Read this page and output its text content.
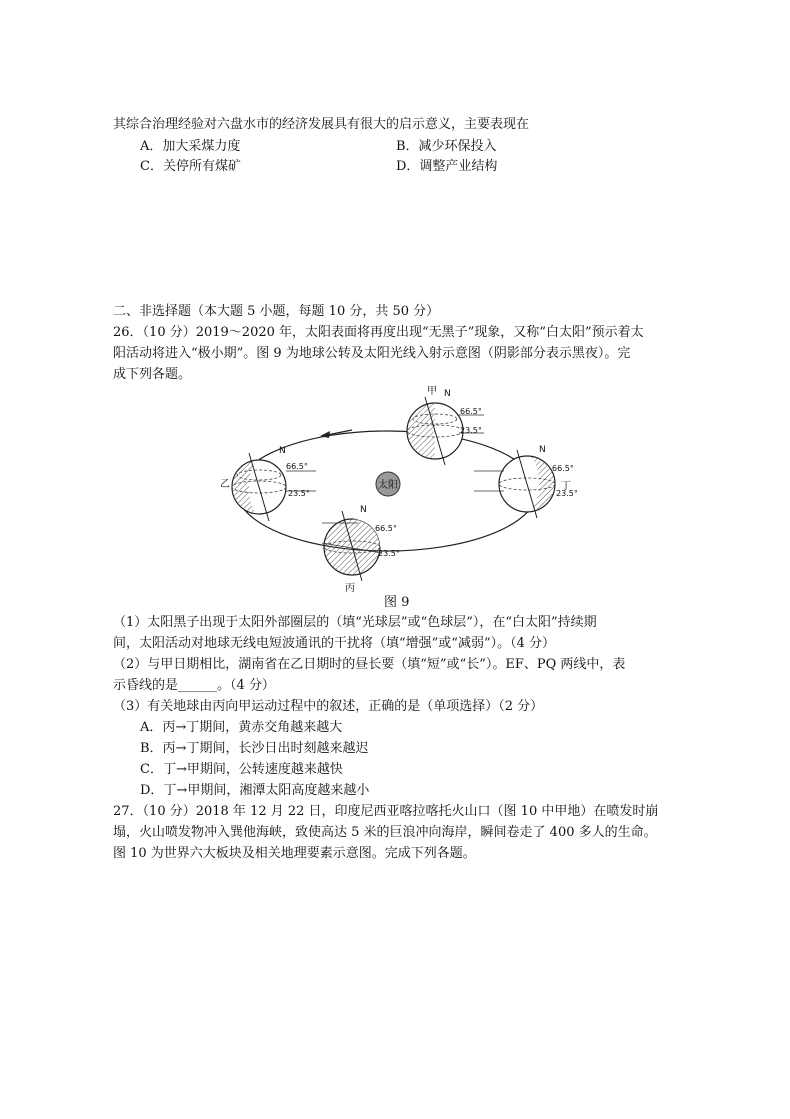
其综合治理经验对六盘水市的经济发展具有很大的启示意义，主要表现在
A．加大采煤力度	B．减少环保投入
C．关停所有煤矿	D．调整产业结构
二、非选择题（本大题 5 小题，每题 10 分，共 50 分）
26．（10 分）2019～2020 年，太阳表面将再度出现“无黑子”现象，又称“白太阳”预示着太
阳活动将进入“极小期”。图 9 为地球公转及太阳光线入射示意图（阴影部分表示黑夜）。完
成下列各题。
太阳
甲 N
66.5°
23.5°
乙
N
66.5°
23.5°
丙
N
66.5°
23.5°
丁
N
66.5°
23.5°
图 9
（1）太阳黑子出现于太阳外部圈层的（填“光球层”或“色球层”），在“白太阳”持续期
间，太阳活动对地球无线电短波通讯的干扰将（填“增强”或“减弱”）。（4 分）
（2）与甲日期相比，湖南省在乙日期时的昼长要（填“短”或“长”）。EF、PQ 两线中，表
示昏线的是______。（4 分）
（3）有关地球由丙向甲运动过程中的叙述，正确的是（单项选择）（2 分）
A．丙→丁期间，黄赤交角越来越大
B．丙→丁期间，长沙日出时刻越来越迟
C．丁→甲期间，公转速度越来越快
D．丁→甲期间，湘潭太阳高度越来越小
27．（10 分）2018 年 12 月 22 日，印度尼西亚喀拉喀托火山口（图 10 中甲地）在喷发时崩
塌，火山喷发物冲入巽他海峡，致使高达 5 米的巨浪冲向海岸，瞬间卷走了 400 多人的生命。
图 10 为世界六大板块及相关地理要素示意图。完成下列各题。
